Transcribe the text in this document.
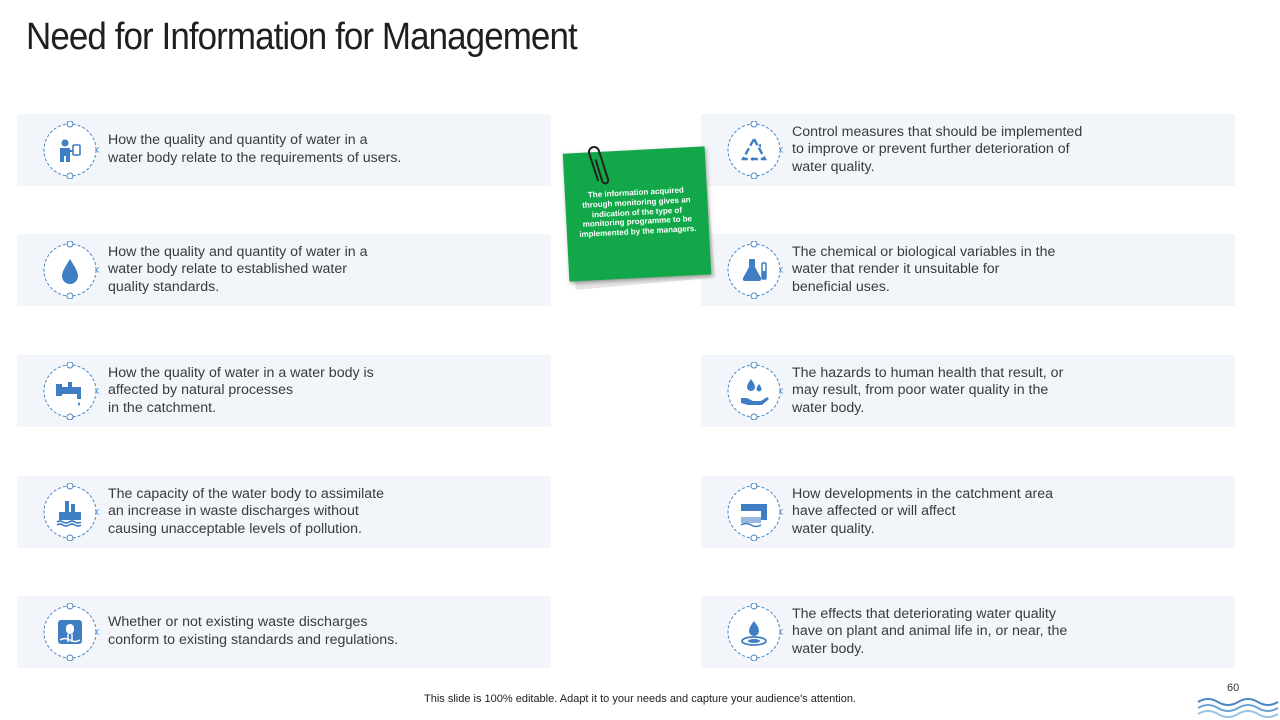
Need for Information for Management
How the quality and quantity of water in a
water body relate to the requirements of users.
How the quality and quantity of water in a
water body relate to established water
quality standards.
How the quality of water in a water body is
affected by natural processes
in the catchment.
The capacity of the water body to assimilate
an increase in waste discharges without
causing unacceptable levels of pollution.
Whether or not existing waste discharges
conform to existing standards and regulations.
Control measures that should be implemented
to improve or prevent further deterioration of
water quality.
The chemical or biological variables in the
water that render it unsuitable for
beneficial uses.
The hazards to human health that result, or
may result, from poor water quality in the
water body.
How developments in the catchment area
have affected or will affect
water quality.
The effects that deteriorating water quality
have on plant and animal life in, or near, the
water body.
The information acquired through monitoring gives an indication of the type of monitoring programme to be implemented by the managers.
This slide is 100% editable. Adapt it to your needs and capture your audience's attention.
60
